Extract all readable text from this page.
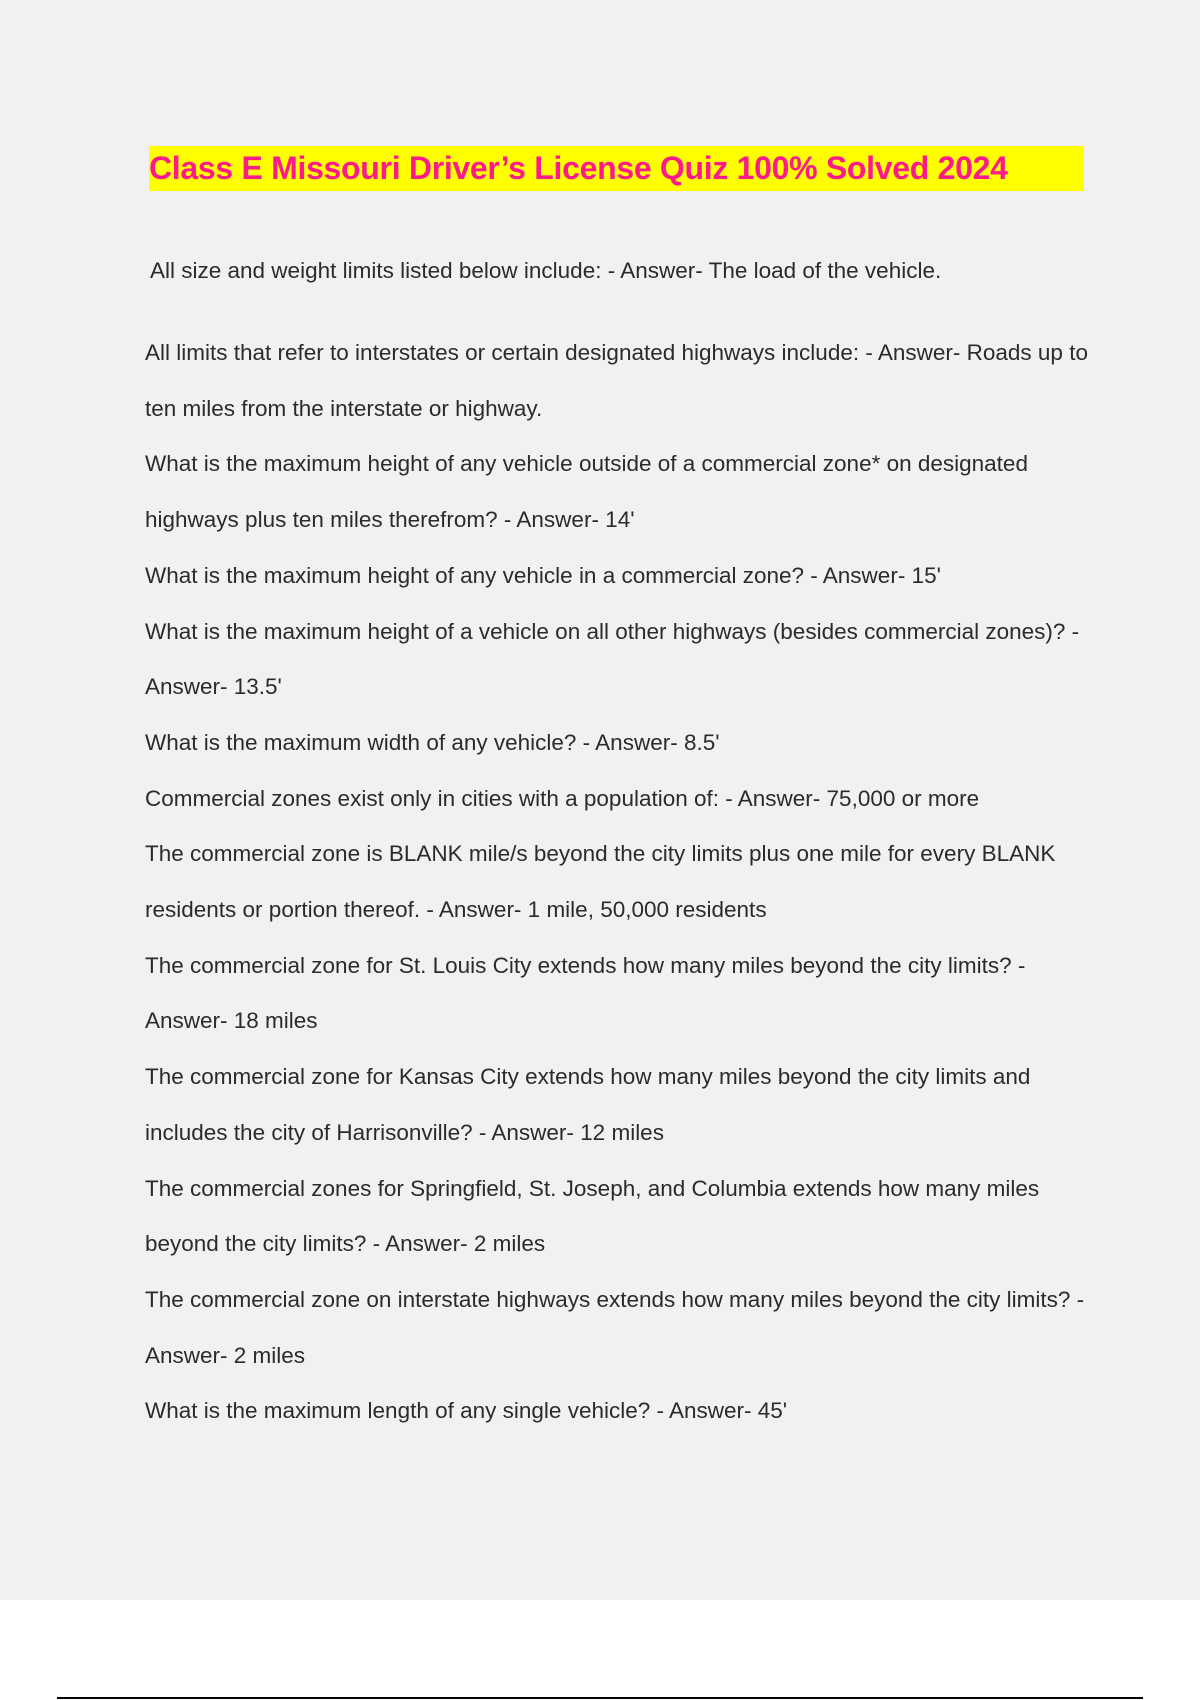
Class E Missouri Driver’s License Quiz 100% Solved 2024
All size and weight limits listed below include: - Answer- The load of the vehicle.

All limits that refer to interstates or certain designated highways include: - Answer- Roads up to ten miles from the interstate or highway.

What is the maximum height of any vehicle outside of a commercial zone* on designated highways plus ten miles therefrom? - Answer- 14'

What is the maximum height of any vehicle in a commercial zone? - Answer- 15'

What is the maximum height of a vehicle on all other highways (besides commercial zones)? - Answer- 13.5'

What is the maximum width of any vehicle? - Answer- 8.5'

Commercial zones exist only in cities with a population of: - Answer- 75,000 or more

The commercial zone is BLANK mile/s beyond the city limits plus one mile for every BLANK residents or portion thereof. - Answer- 1 mile, 50,000 residents

The commercial zone for St. Louis City extends how many miles beyond the city limits? - Answer- 18 miles

The commercial zone for Kansas City extends how many miles beyond the city limits and includes the city of Harrisonville? - Answer- 12 miles

The commercial zones for Springfield, St. Joseph, and Columbia extends how many miles beyond the city limits? - Answer- 2 miles

The commercial zone on interstate highways extends how many miles beyond the city limits? - Answer- 2 miles

What is the maximum length of any single vehicle? - Answer- 45'
